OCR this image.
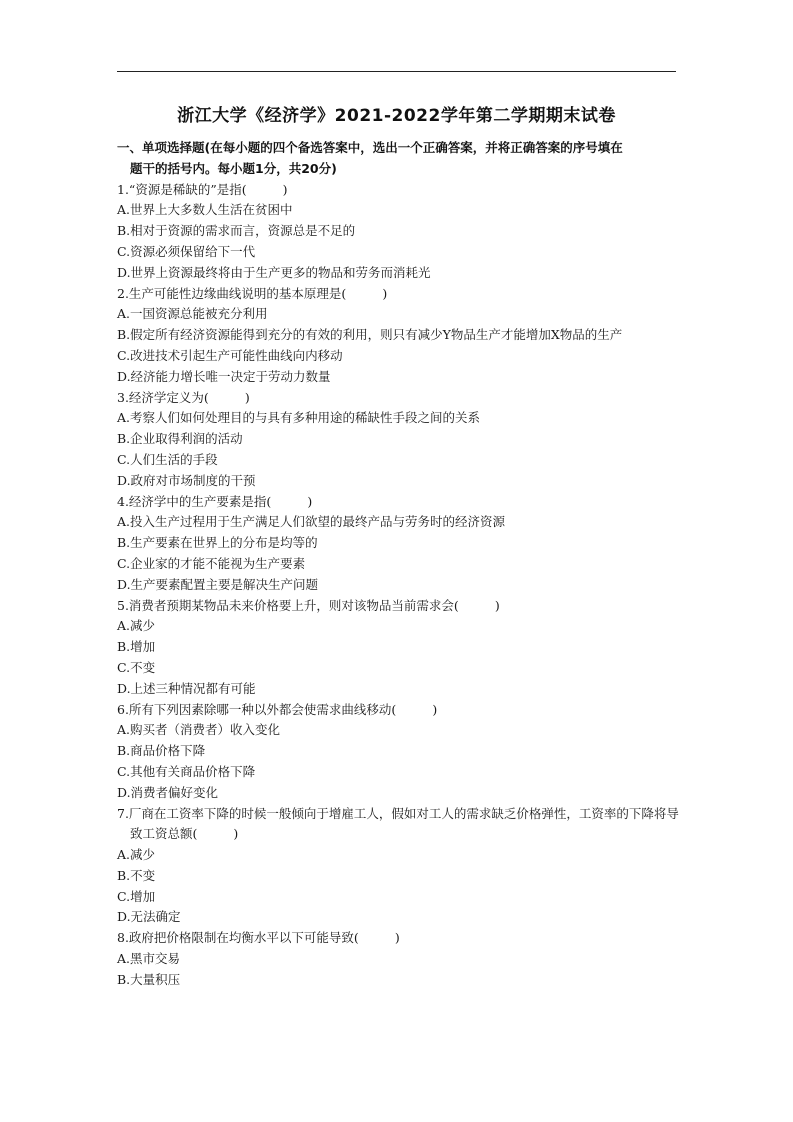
浙江大学《经济学》2021-2022学年第二学期期末试卷
一、单项选择题(在每小题的四个备选答案中，选出一个正确答案，并将正确答案的序号填在
题干的括号内。每小题1分，共20分)
1.“资源是稀缺的”是指(	)
A.世界上大多数人生活在贫困中
B.相对于资源的需求而言，资源总是不足的
C.资源必须保留给下一代
D.世界上资源最终将由于生产更多的物品和劳务而消耗光
2.生产可能性边缘曲线说明的基本原理是(	)
A.一国资源总能被充分利用
B.假定所有经济资源能得到充分的有效的利用，则只有减少Y物品生产才能增加X物品的生产
C.改进技术引起生产可能性曲线向内移动
D.经济能力增长唯一决定于劳动力数量
3.经济学定义为(	)
A.考察人们如何处理目的与具有多种用途的稀缺性手段之间的关系
B.企业取得利润的活动
C.人们生活的手段
D.政府对市场制度的干预
4.经济学中的生产要素是指(	)
A.投入生产过程用于生产满足人们欲望的最终产品与劳务时的经济资源
B.生产要素在世界上的分布是均等的
C.企业家的才能不能视为生产要素
D.生产要素配置主要是解决生产问题
5.消费者预期某物品未来价格要上升，则对该物品当前需求会(	)
A.减少
B.增加
C.不变
D.上述三种情况都有可能
6.所有下列因素除哪一种以外都会使需求曲线移动(	)
A.购买者（消费者）收入变化
B.商品价格下降
C.其他有关商品价格下降
D.消费者偏好变化
7.厂商在工资率下降的时候一般倾向于增雇工人，假如对工人的需求缺乏价格弹性，工资率的下降将导致工资总额(	)
A.减少
B.不变
C.增加
D.无法确定
8.政府把价格限制在均衡水平以下可能导致(	)
A.黑市交易
B.大量积压
